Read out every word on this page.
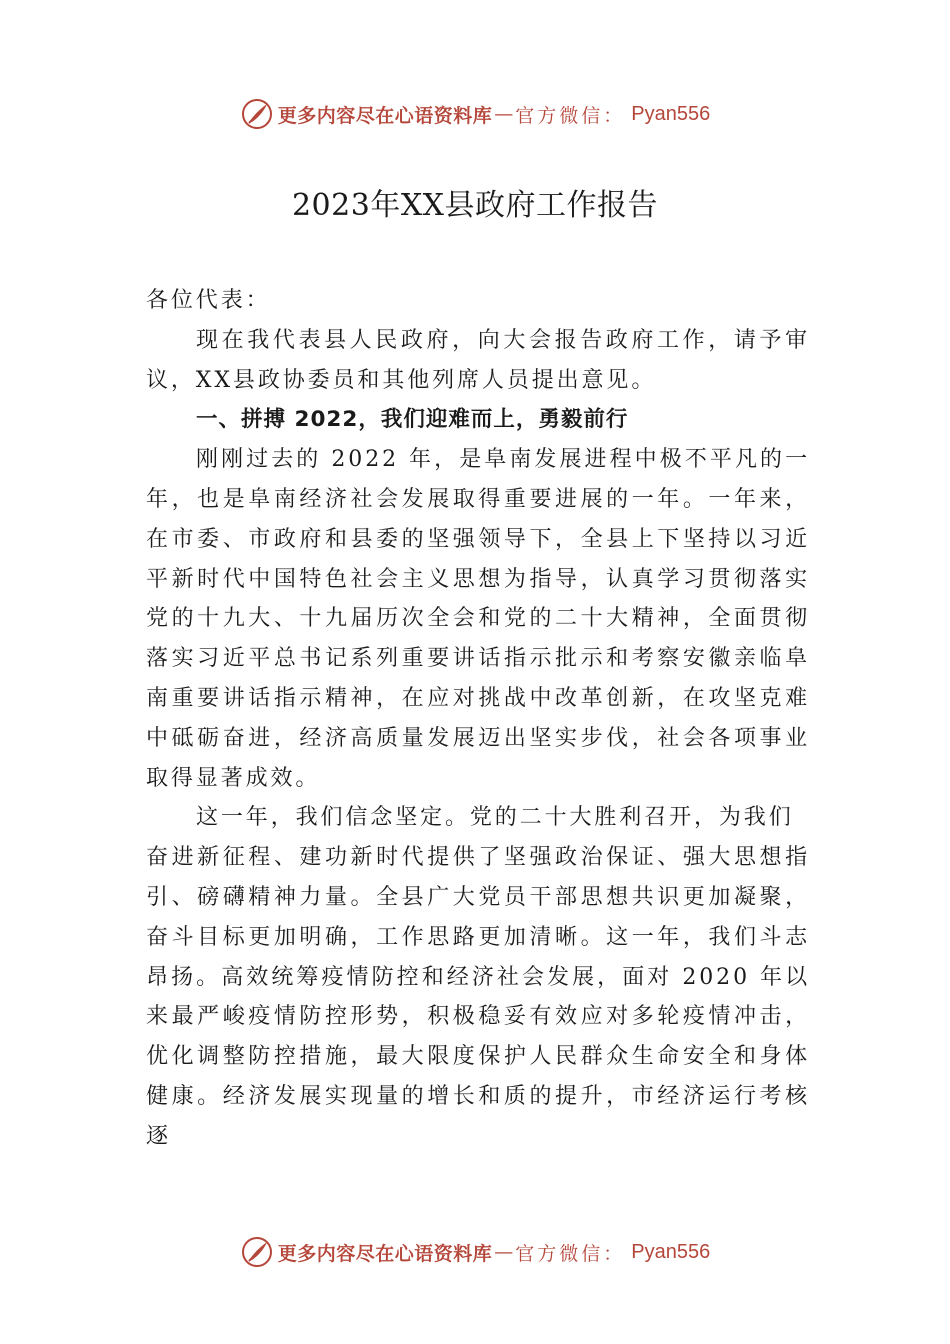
更多内容尽在心语资料库 — 官方微信： Pyan556
2023年XX县政府工作报告

各位代表：

现在我代表县人民政府，向大会报告政府工作，请予审议，XX县政协委员和其他列席人员提出意见。

一、拼搏 2022，我们迎难而上，勇毅前行

刚刚过去的 2022 年，是阜南发展进程中极不平凡的一年，也是阜南经济社会发展取得重要进展的一年。一年来， 在市委、市政府和县委的坚强领导下，全县上下坚持以习近平新时代中国特色社会主义思想为指导，认真学习贯彻落实党的十九大、十九届历次全会和党的二十大精神，全面贯彻落实习近平总书记系列重要讲话指示批示和考察安徽亲临阜南重要讲话指示精神，在应对挑战中改革创新，在攻坚克难中砥砺奋进，经济高质量发展迈出坚实步伐，社会各项事业取得显著成效。

这一年，我们信念坚定。党的二十大胜利召开，为我们

奋进新征程、建功新时代提供了坚强政治保证、强大思想指引、磅礴精神力量。全县广大党员干部思想共识更加凝聚， 奋斗目标更加明确，工作思路更加清晰。这一年，我们斗志昂扬。高效统筹疫情防控和经济社会发展，面对 2020 年以来最严峻疫情防控形势，积极稳妥有效应对多轮疫情冲击，优化调整防控措施，最大限度保护人民群众生命安全和身体健康。经济发展实现量的增长和质的提升，市经济运行考核逐

更多内容尽在心语资料库 — 官方微信： Pyan556
